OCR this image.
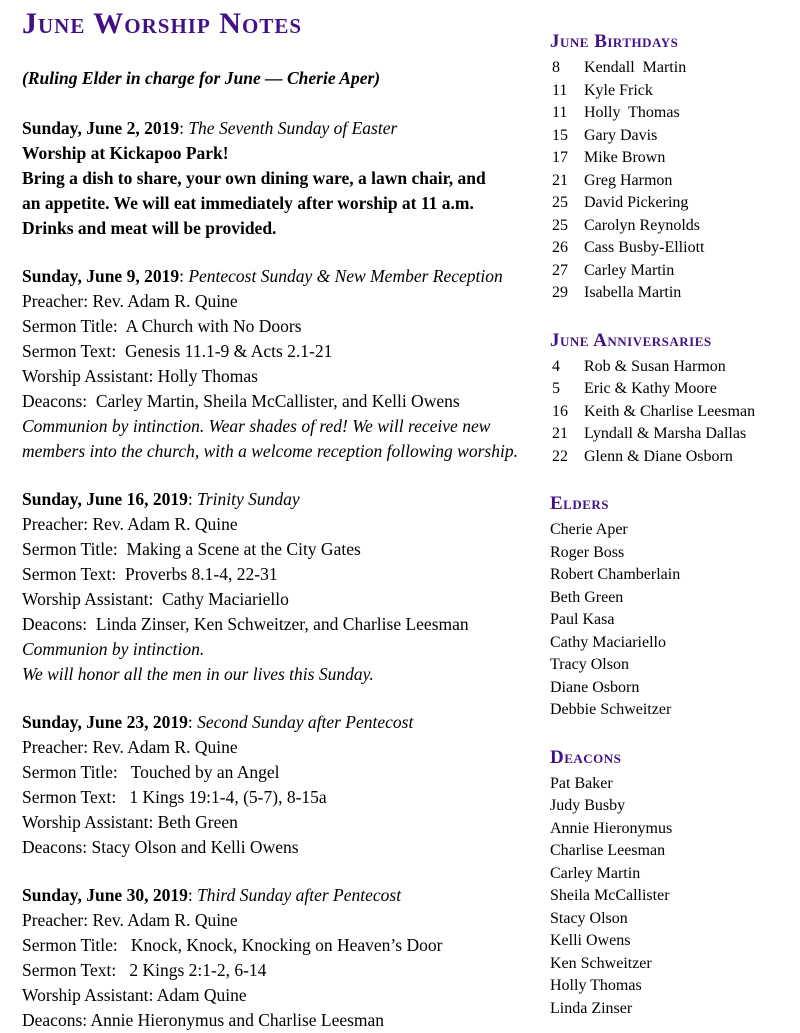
June Worship Notes
(Ruling Elder in charge for June — Cherie Aper)
Sunday, June 2, 2019: The Seventh Sunday of Easter
Worship at Kickapoo Park!
Bring a dish to share, your own dining ware, a lawn chair, and
an appetite. We will eat immediately after worship at 11 a.m.
Drinks and meat will be provided.
Sunday, June 9, 2019: Pentecost Sunday & New Member Reception
Preacher: Rev. Adam R. Quine
Sermon Title:  A Church with No Doors
Sermon Text:  Genesis 11.1-9 & Acts 2.1-21
Worship Assistant: Holly Thomas
Deacons:  Carley Martin, Sheila McCallister, and Kelli Owens
Communion by intinction. Wear shades of red! We will receive new
members into the church, with a welcome reception following worship.
Sunday, June 16, 2019: Trinity Sunday
Preacher: Rev. Adam R. Quine
Sermon Title:  Making a Scene at the City Gates
Sermon Text:  Proverbs 8.1-4, 22-31
Worship Assistant:  Cathy Maciariello
Deacons:  Linda Zinser, Ken Schweitzer, and Charlise Leesman
Communion by intinction.
We will honor all the men in our lives this Sunday.
Sunday, June 23, 2019: Second Sunday after Pentecost
Preacher: Rev. Adam R. Quine
Sermon Title:   Touched by an Angel
Sermon Text:   1 Kings 19:1-4, (5-7), 8-15a
Worship Assistant: Beth Green
Deacons: Stacy Olson and Kelli Owens
Sunday, June 30, 2019: Third Sunday after Pentecost
Preacher: Rev. Adam R. Quine
Sermon Title:   Knock, Knock, Knocking on Heaven’s Door
Sermon Text:   2 Kings 2:1-2, 6-14
Worship Assistant: Adam Quine
Deacons: Annie Hieronymus and Charlise Leesman
June Birthdays
8	Kendall  Martin
11	Kyle Frick
11	Holly  Thomas
15	Gary Davis
17	Mike Brown
21	Greg Harmon
25	David Pickering
25	Carolyn Reynolds
26	Cass Busby-Elliott
27	Carley Martin
29	Isabella Martin
June Anniversaries
4	Rob & Susan Harmon
5	Eric & Kathy Moore
16	Keith & Charlise Leesman
21	Lyndall & Marsha Dallas
22	Glenn & Diane Osborn
Elders
Cherie Aper
Roger Boss
Robert Chamberlain
Beth Green
Paul Kasa
Cathy Maciariello
Tracy Olson
Diane Osborn
Debbie Schweitzer
Deacons
Pat Baker
Judy Busby
Annie Hieronymus
Charlise Leesman
Carley Martin
Sheila McCallister
Stacy Olson
Kelli Owens
Ken Schweitzer
Holly Thomas
Linda Zinser
